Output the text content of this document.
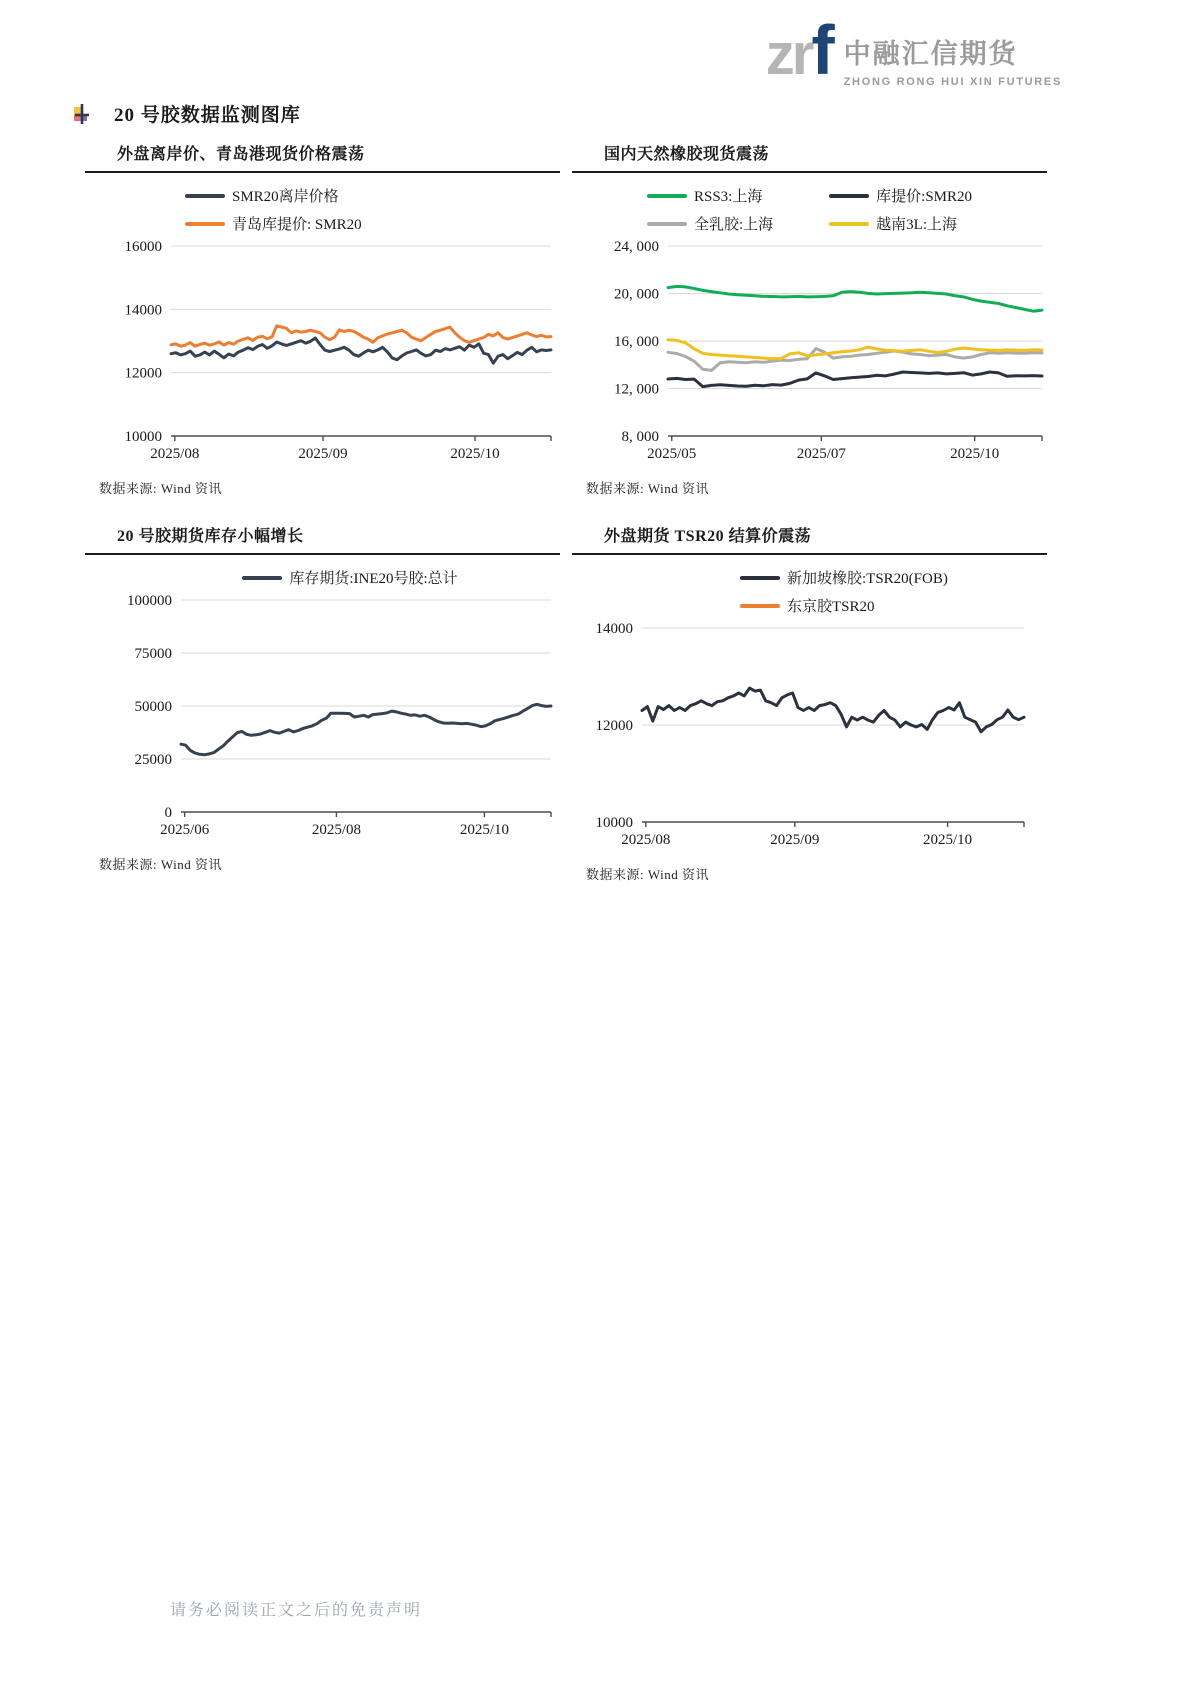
zrf 中融汇信期货
ZHONG RONG HUI XIN FUTURES
20 号胶数据监测图库
外盘离岸价、青岛港现货价格震荡
SMR20离岸价格
青岛库提价: SMR20
16000
14000
12000
10000
2025/08	2025/09	2025/10
数据来源: Wind 资讯
国内天然橡胶现货震荡
RSS3:上海	库提价:SMR20
全乳胶:上海	越南3L:上海
24, 000
20, 000
16, 000
12, 000
8, 000
2025/05	2025/07	2025/10
数据来源: Wind 资讯
20 号胶期货库存小幅增长
库存期货:INE20号胶:总计
100000
75000
50000
25000
0
2025/06	2025/08	2025/10
数据来源: Wind 资讯
外盘期货 TSR20 结算价震荡
新加坡橡胶:TSR20(FOB)
东京胶TSR20
14000
12000
10000
2025/08	2025/09	2025/10
数据来源: Wind 资讯
请务必阅读正文之后的免责声明
